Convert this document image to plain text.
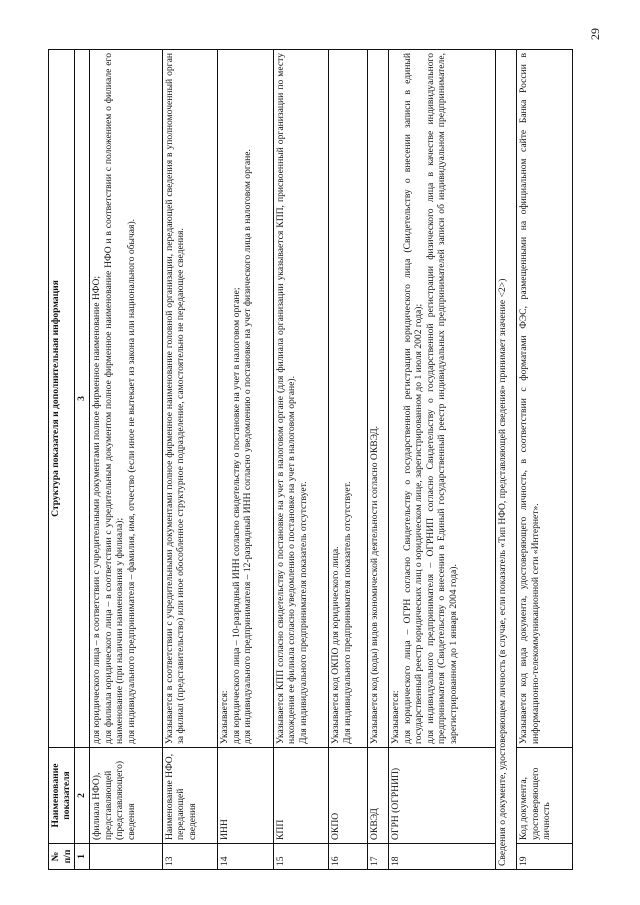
29
№
п/п	Наименование показателя	Структура показателя и дополнительная информация
1	2	3
	(филиала НФО), представляющей (представляющего) сведения	для юридического лица – в соответствии с учредительными документами полное фирменное наименование НФО; для филиала юридического лица – в соответствии с учредительным документом полное фирменное наименование НФО и в соответствии с положением о филиале его наименование (при наличии наименования у филиала); для индивидуального предпринимателя – фамилия, имя, отчество (если иное не вытекает из закона или национального обычая).

13	Наименование НФО, передающей сведения	Указывается в соответствии с учредительными документами полное фирменное наименование головной организации, передающей сведения в уполномоченный орган за филиал (представительство) или иное обособленное структурное подразделение, самостоятельно не передающее сведения.

14	ИНН	Указывается: для юридического лица – 10-разрядный ИНН согласно свидетельству о постановке на учет в налоговом органе; для индивидуального предпринимателя – 12-разрядный ИНН согласно уведомлению о постановке на учет физического лица в налоговом органе.

15	КПП	Указывается КПП согласно свидетельству о постановке на учет в налоговом органе (для филиала организации указывается КПП, присвоенный организации по месту нахождения ее филиала согласно уведомлению о постановке на учет в налоговом органе). Для индивидуального предпринимателя показатель отсутствует.

16	ОКПО	Указывается код ОКПО для юридического лица. Для индивидуального предпринимателя показатель отсутствует.

17	ОКВЭД	Указывается код (коды) видов экономической деятельности согласно ОКВЭД.

18	ОГРН (ОГРНИП)	Указывается: для юридического лица – ОГРН согласно Свидетельству о государственной регистрации юридического лица (Свидетельству о внесении записи в единый государственный реестр юридических лиц о юридическом лице, зарегистрированном до 1 июля 2002 года); для индивидуального предпринимателя – ОГРНИП согласно Свидетельству о государственной регистрации физического лица в качестве индивидуального предпринимателя (Свидетельству о внесении в Единый государственный реестр индивидуальных предпринимателей записи об индивидуальном предпринимателе, зарегистрированном до 1 января 2004 года).

Сведения о документе, удостоверяющем личность (в случае, если показатель «Тип НФО, представляющей сведения» принимает значение <2>)		
19	Код документа, удостоверяющего личность	Указывается код вида документа, удостоверяющего личность, в соответствии с форматами ФЭС, размещенными на официальном сайте Банка России в информационно-телекоммуникационной сети «Интернет».
